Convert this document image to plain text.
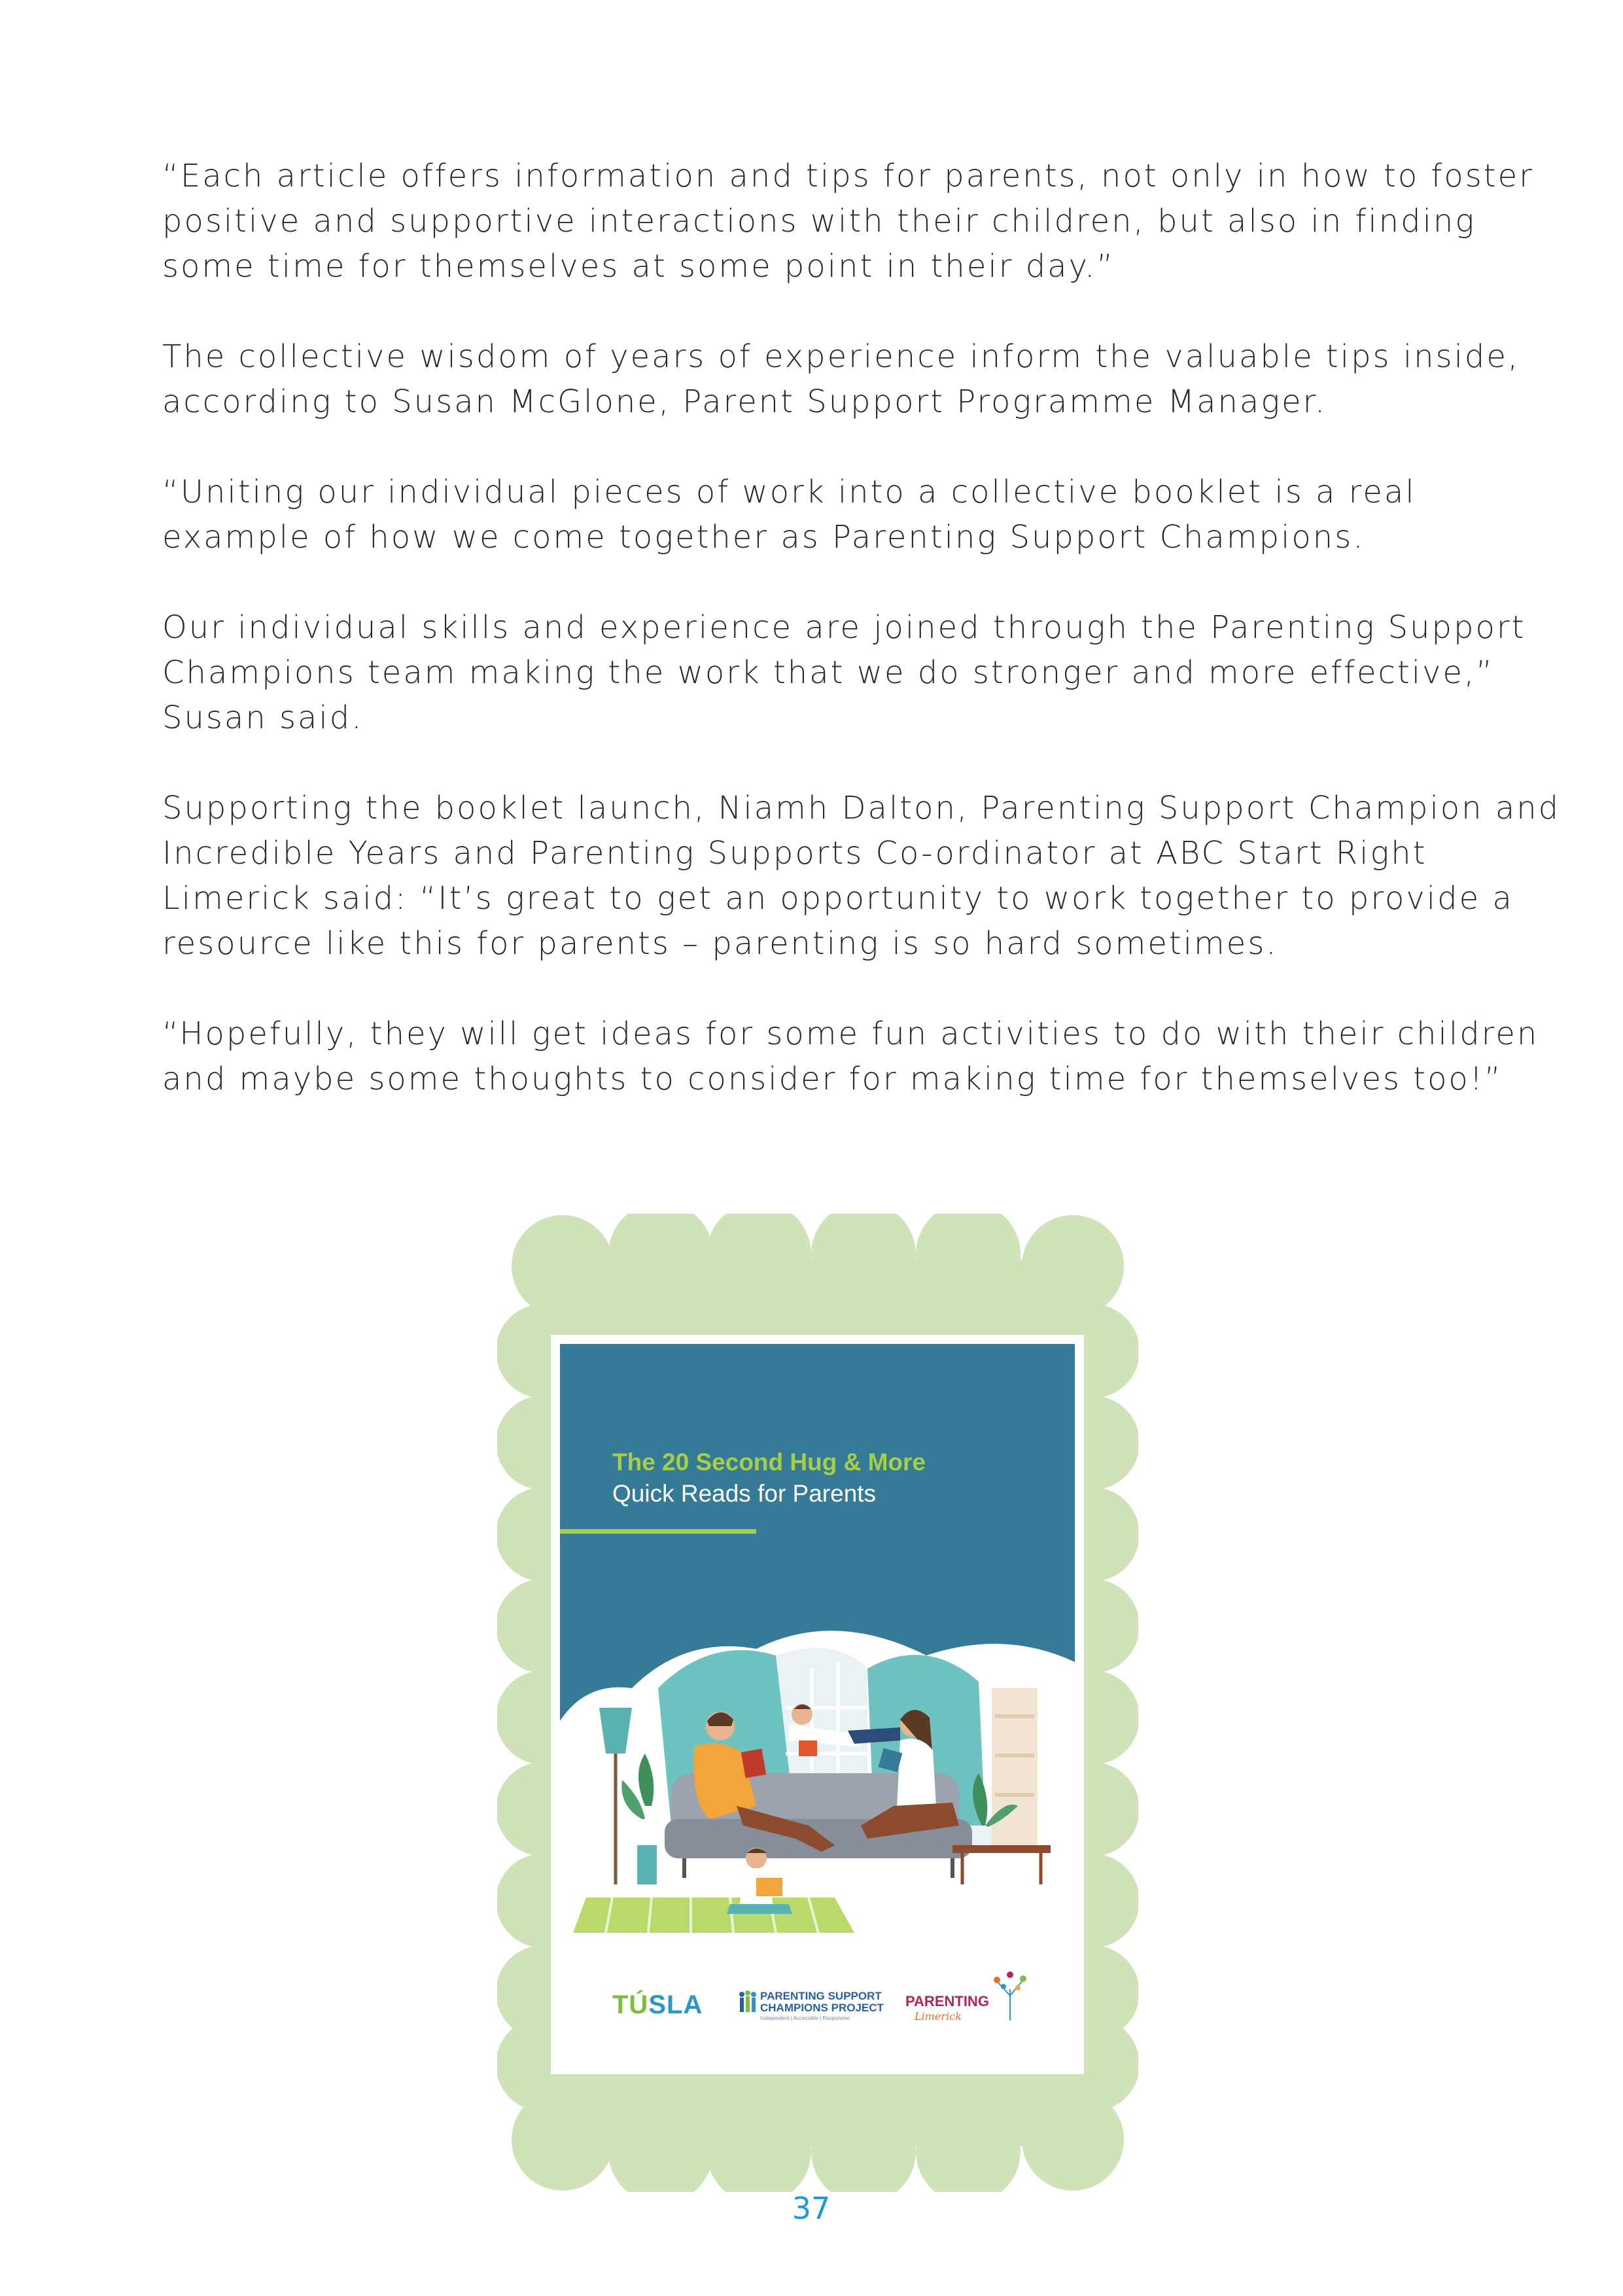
“Each article offers information and tips for parents, not only in how to foster
positive and supportive interactions with their children, but also in finding
some time for themselves at some point in their day.”

The collective wisdom of years of experience inform the valuable tips inside,
according to Susan McGlone, Parent Support Programme Manager.

“Uniting our individual pieces of work into a collective booklet is a real
example of how we come together as Parenting Support Champions.

Our individual skills and experience are joined through the Parenting Support
Champions team making the work that we do stronger and more effective,”
Susan said.

Supporting the booklet launch, Niamh Dalton, Parenting Support Champion and
Incredible Years and Parenting Supports Co-ordinator at ABC Start Right
Limerick said: “It’s great to get an opportunity to work together to provide a
resource like this for parents – parenting is so hard sometimes.

“Hopefully, they will get ideas for some fun activities to do with their children
and maybe some thoughts to consider for making time for themselves too!”

The 20 Second Hug & More
Quick Reads for Parents
TÚSLA	PARENTING SUPPORT
CHAMPIONS PROJECT
Independent | Accessible | Responsive
PARENTING
Limerick
37
